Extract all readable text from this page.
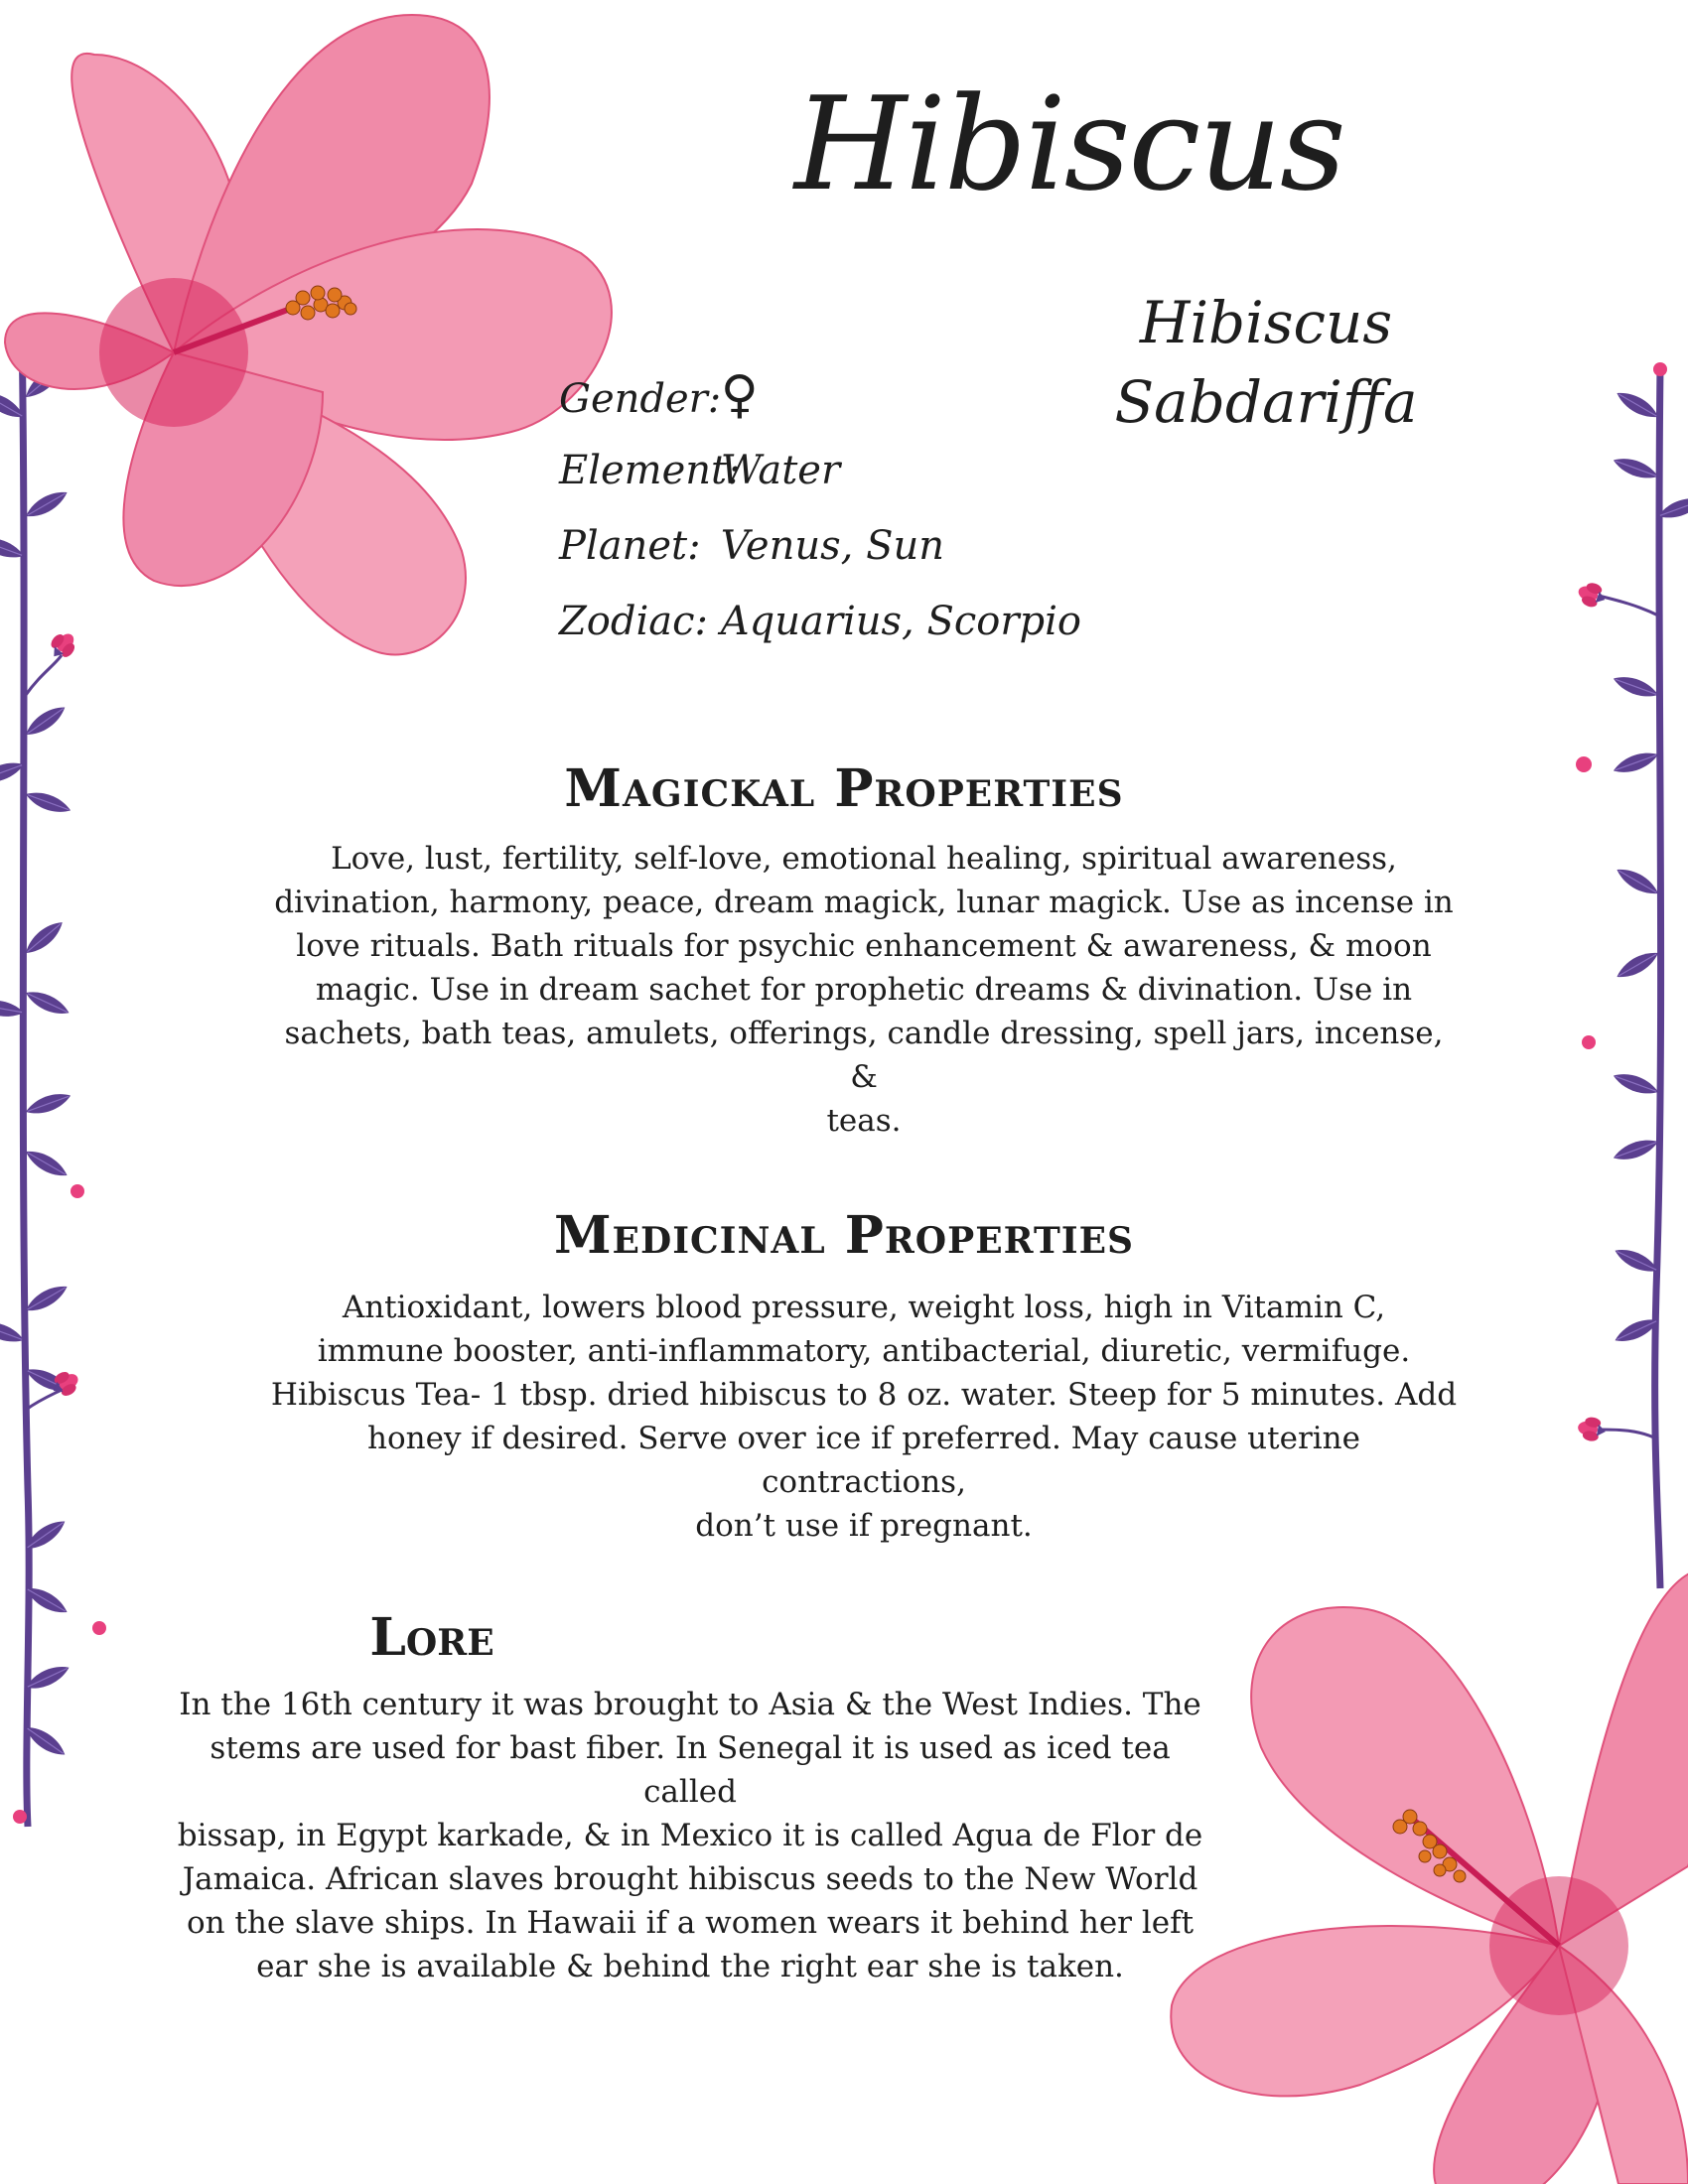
Hibiscus
Hibiscus Sabdariffa
Gender: ♀
Element: Water
Planet: Venus, Sun
Zodiac: Aquarius, Scorpio
Magickal Properties
Love, lust, fertility, self-love, emotional healing, spiritual awareness,
divination, harmony, peace, dream magick, lunar magick. Use as incense in
love rituals. Bath rituals for psychic enhancement & awareness, & moon
magic. Use in dream sachet for prophetic dreams & divination. Use in
sachets, bath teas, amulets, offerings, candle dressing, spell jars, incense, &
teas.
Medicinal Properties
Antioxidant, lowers blood pressure, weight loss, high in Vitamin C,
immune booster, anti-inflammatory, antibacterial, diuretic, vermifuge.
Hibiscus Tea- 1 tbsp. dried hibiscus to 8 oz. water. Steep for 5 minutes. Add
honey if desired. Serve over ice if preferred. May cause uterine contractions,
don’t use if pregnant.
Lore
In the 16th century it was brought to Asia & the West Indies. The
stems are used for bast fiber. In Senegal it is used as iced tea called
bissap, in Egypt karkade, & in Mexico it is called Agua de Flor de
Jamaica. African slaves brought hibiscus seeds to the New World
on the slave ships. In Hawaii if a women wears it behind her left
ear she is available & behind the right ear she is taken.
